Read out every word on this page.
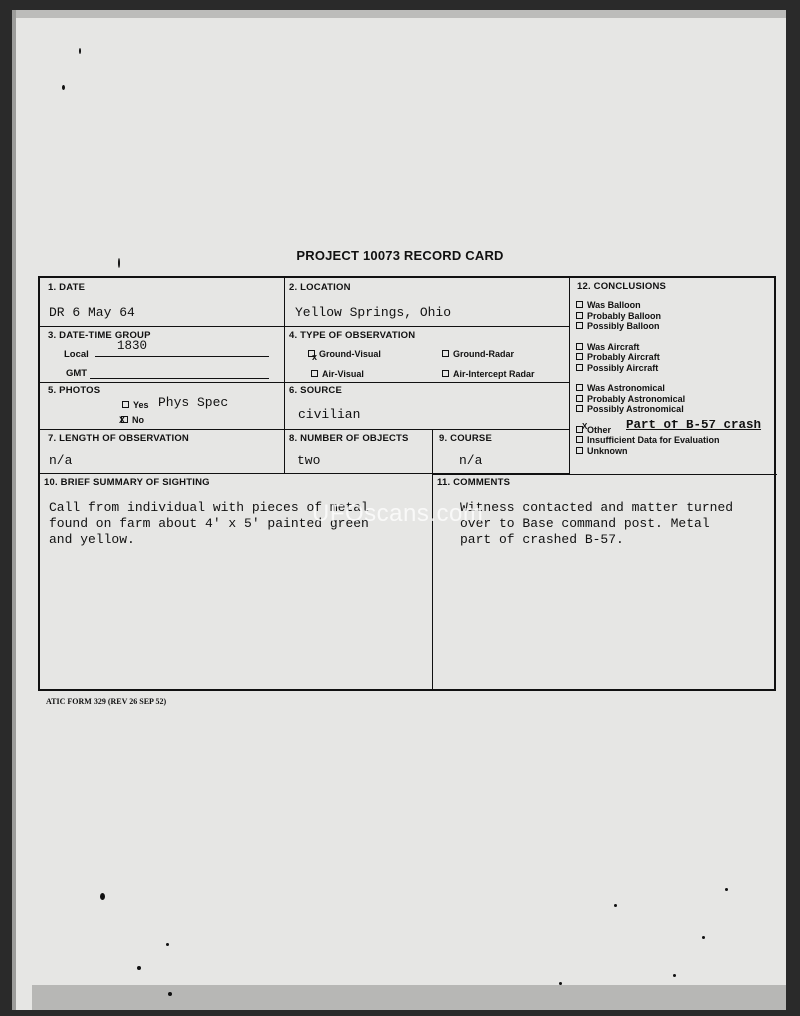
PROJECT 10073 RECORD CARD
1. DATE
DR 6 May 64
2. LOCATION
Yellow Springs, Ohio
3. DATE-TIME GROUP
Local
1830
GMT
4. TYPE OF OBSERVATION
x Ground-Visual	Ground-Radar
Air-Visual	Air-Intercept Radar
5. PHOTOS
Yes Phys Spec
X No
6. SOURCE
civilian
7. LENGTH OF OBSERVATION
n/a
8. NUMBER OF OBJECTS
two
9. COURSE
n/a
12. CONCLUSIONS
Was Balloon
Probably Balloon
Possibly Balloon
Was Aircraft
Probably Aircraft
Possibly Aircraft
Was Astronomical
Probably Astronomical
Possibly Astronomical
X Other Part of B-57 crash
Insufficient Data for Evaluation
Unknown
10. BRIEF SUMMARY OF SIGHTING
Call from individual with pieces of metal
found on farm about 4' x 5' painted green
and yellow.
11. COMMENTS
Witness contacted and matter turned
over to Base command post. Metal
part of crashed B-57.
UFOscans.com
ATIC FORM 329 (REV 26 SEP 52)
